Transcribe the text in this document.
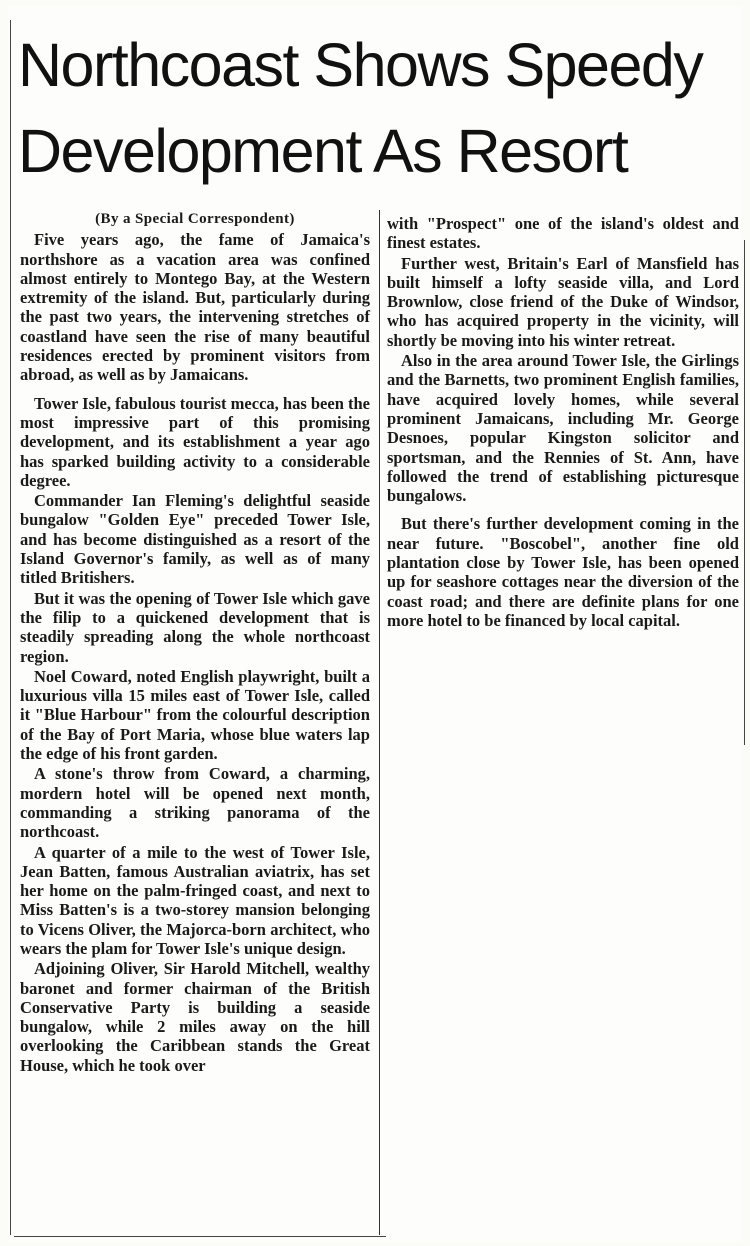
Northcoast Shows Speedy
Development As Resort
(By a Special Correspondent)

Five years ago, the fame of Jamaica's northshore as a vacation area was confined almost entirely to Montego Bay, at the Western extremity of the island. But, particularly during the past two years, the intervening stretches of coastland have seen the rise of many beautiful residences erected by prominent visitors from abroad, as well as by Jamaicans.

Tower Isle, fabulous tourist mecca, has been the most impressive part of this promising development, and its establishment a year ago has sparked building activity to a considerable degree.

Commander Ian Fleming's delightful seaside bungalow "Golden Eye" preceded Tower Isle, and has become distinguished as a resort of the Island Governor's family, as well as of many titled Britishers.

But it was the opening of Tower Isle which gave the filip to a quickened development that is steadily spreading along the whole northcoast region.

Noel Coward, noted English playwright, built a luxurious villa 15 miles east of Tower Isle, called it "Blue Harbour" from the colourful description of the Bay of Port Maria, whose blue waters lap the edge of his front garden.

A stone's throw from Coward, a charming, mordern hotel will be opened next month, commanding a striking panorama of the northcoast.

A quarter of a mile to the west of Tower Isle, Jean Batten, famous Australian aviatrix, has set her home on the palm-fringed coast, and next to Miss Batten's is a two-storey mansion belonging to Vicens Oliver, the Majorca-born architect, who wears the plam for Tower Isle's unique design.

Adjoining Oliver, Sir Harold Mitchell, wealthy baronet and former chairman of the British Conservative Party is building a seaside bungalow, while 2 miles away on the hill overlooking the Caribbean stands the Great House, which he took over

with "Prospect" one of the island's oldest and finest estates.

Further west, Britain's Earl of Mansfield has built himself a lofty seaside villa, and Lord Brownlow, close friend of the Duke of Windsor, who has acquired property in the vicinity, will shortly be moving into his winter retreat.

Also in the area around Tower Isle, the Girlings and the Barnetts, two prominent English families, have acquired lovely homes, while several prominent Jamaicans, including Mr. George Desnoes, popular Kingston solicitor and sportsman, and the Rennies of St. Ann, have followed the trend of establishing picturesque bungalows.

But there's further development coming in the near future. "Boscobel", another fine old plantation close by Tower Isle, has been opened up for seashore cottages near the diversion of the coast road; and there are definite plans for one more hotel to be financed by local capital.
